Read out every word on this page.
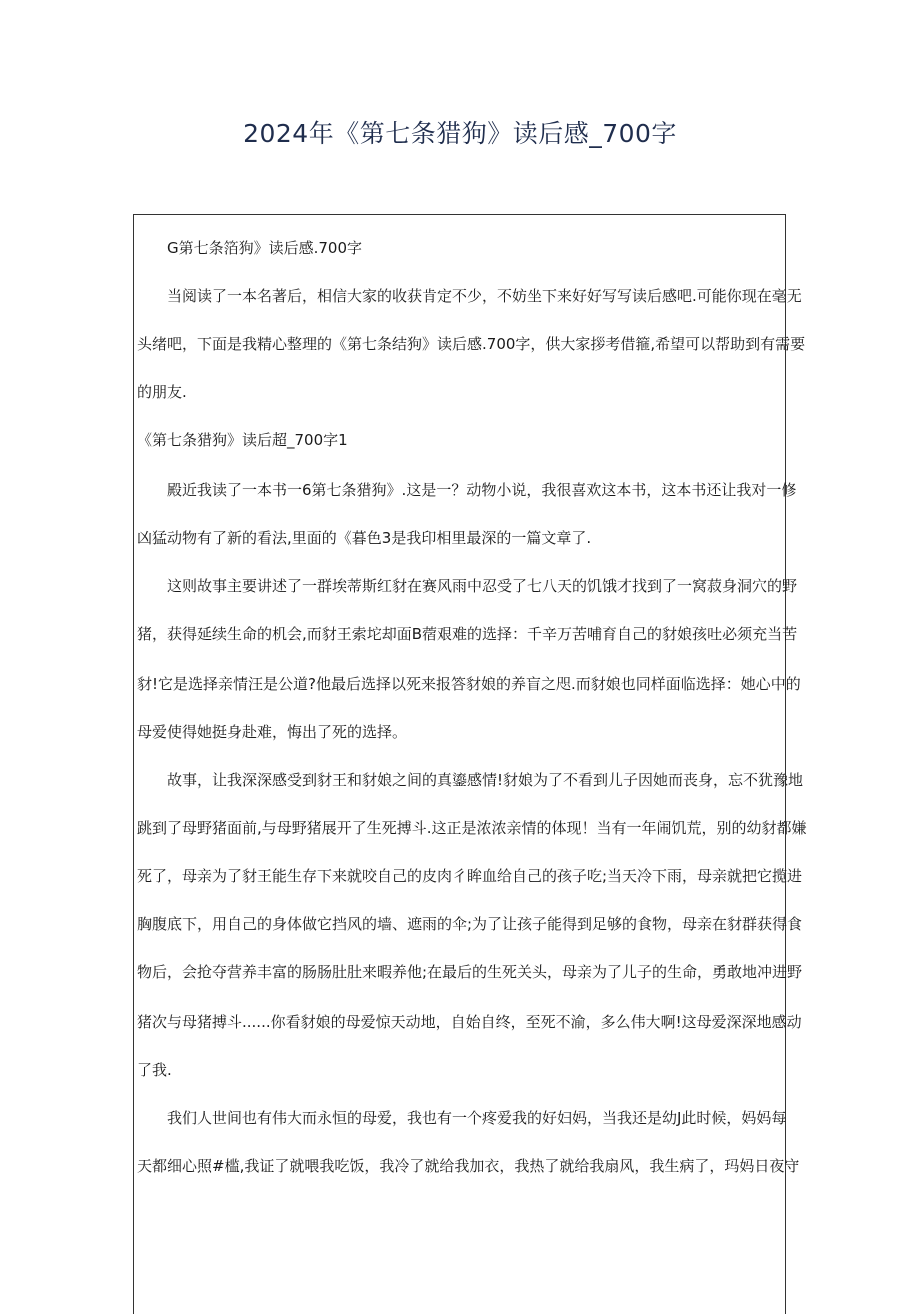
2024年《第七条猎狗》读后感_700字
G第七条箔狗》读后感.700字
当阅读了一本名著后，相信大家的收获肯定不少，不妨坐下来好好写写读后感吧.可能你现在毫无
头绪吧，下面是我精心整理的《第七条结狗》读后感.700字，供大家拶考借箍,希望可以帮助到有需要
的朋友.
《第七条猎狗》读后超_700字1
殿近我读了一本书一6第七条猎狗》.这是一？动物小说，我很喜欢这本书，这本书还让我对一修
凶猛动物有了新的看法,里面的《暮色3是我印相里最深的一篇文章了.
这则故事主要讲述了一群埃蒂斯红豺在赛风雨中忍受了七八天的饥饿才找到了一窝菽身洞穴的野
猪，获得延续生命的机会,而豺王索坨却面B蓿艰难的选择：千辛万苦哺育自己的豺娘孩吐必须充当苦
豺!它是选择亲情汪是公道?他最后选择以死来报答豺娘的养盲之咫.而豺娘也同样面临选择：她心中的
母爱使得她挺身赴难，悔出了死的选择。
故事，让我深深感受到豺王和豺娘之间的真鎏感情!豺娘为了不看到儿子因她而丧身，忘不犹豫地
跳到了母野猪面前,与母野猪展开了生死搏斗.这正是浓浓亲情的体现！当有一年闹饥荒，别的幼豺都嫌
死了，母亲为了豺王能生存下来就咬自己的皮肉彳眸血给自己的孩子吃;当天冷下雨，母亲就把它揽进
胸腹底下，用自己的身体做它挡风的墙、遮雨的伞;为了让孩子能得到足够的食物，母亲在豺群获得食
物后，会抢夺营养丰富的肠肠肚肚来暇养他;在最后的生死关头，母亲为了儿子的生命，勇敢地冲进野
猪次与母猪搏斗......你看豺娘的母爱惊天动地，自始自终，至死不渝，多么伟大啊!这母爱深深地感动
了我.
我们人世间也有伟大而永恒的母爱，我也有一个疼爱我的好妇妈，当我还是幼J此时候，妈妈每
天都细心照#槛,我证了就喂我吃饭，我冷了就给我加衣，我热了就给我扇风，我生病了，玛妈日夜守
